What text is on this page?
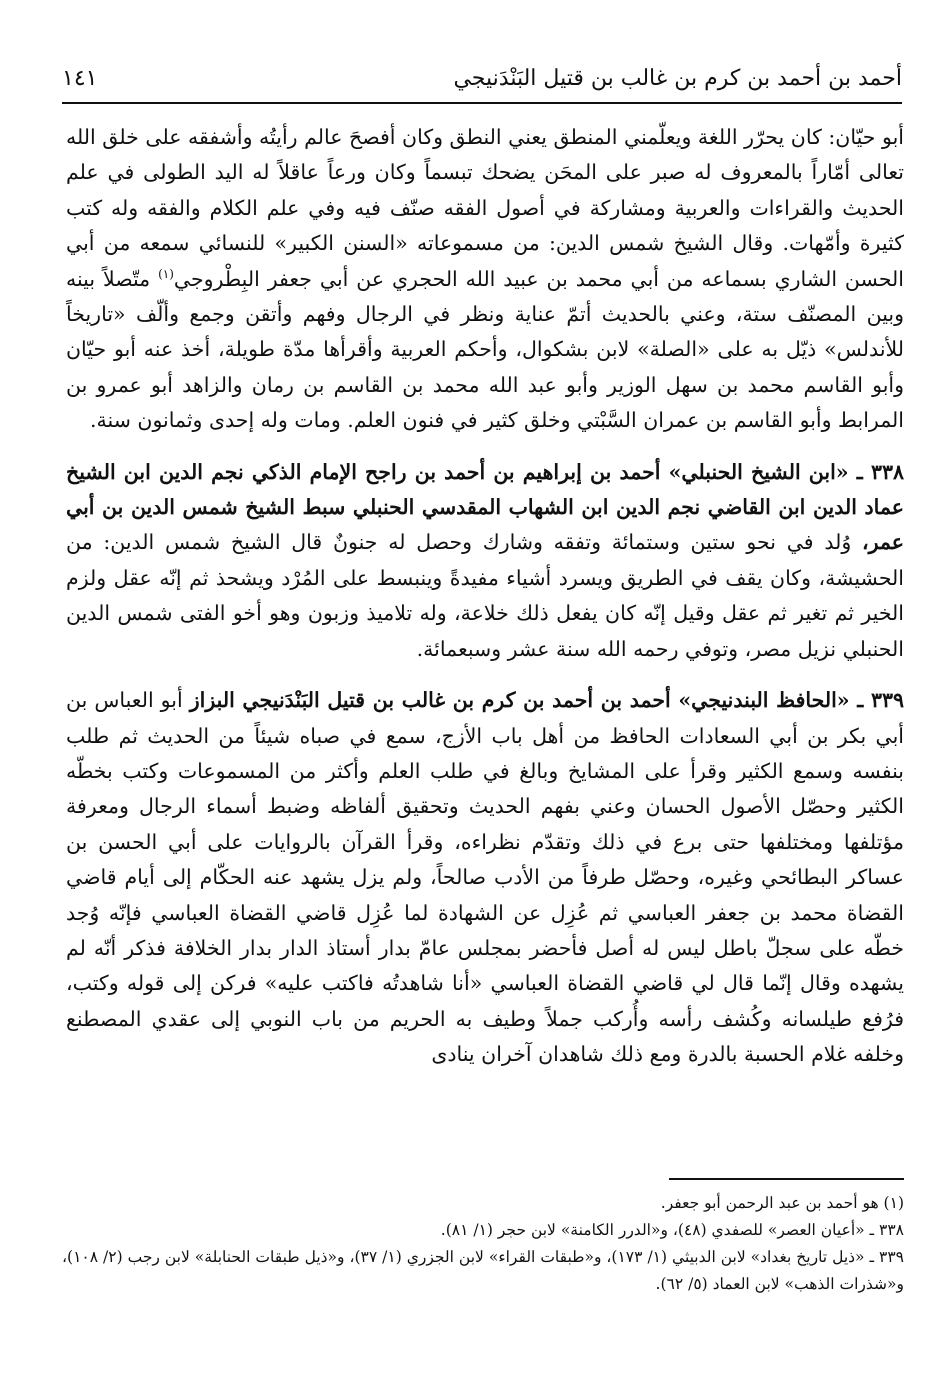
أحمد بن أحمد بن كرم بن غالب بن قتيل البَنْدَنيجي
١٤١

أبو حيّان: كان يحرّر اللغة ويعلّمني المنطق يعني النطق وكان أفصحَ عالم رأيتُه وأشفقه على خلق الله تعالى أمّاراً بالمعروف له صبر على المحَن يضحك تبسماً وكان ورعاً عاقلاً له اليد الطولى في علم الحديث والقراءات والعربية ومشاركة في أصول الفقه صنّف فيه وفي علم الكلام والفقه وله كتب كثيرة وأمّهات. وقال الشيخ شمس الدين: من مسموعاته «السنن الكبير» للنسائي سمعه من أبي الحسن الشاري بسماعه من أبي محمد بن عبيد الله الحجري عن أبي جعفر البِطْروجي$^{(١)}$ متّصلاً بينه وبين المصنّف ستة، وعني بالحديث أتمّ عناية ونظر في الرجال وفهم وأتقن وجمع وألّف «تاريخاً للأندلس» ذيّل به على «الصلة» لابن بشكوال، وأحكم العربية وأقرأها مدّة طويلة، أخذ عنه أبو حيّان وأبو القاسم محمد بن سهل الوزير وأبو عبد الله محمد بن القاسم بن رمان والزاهد أبو عمرو بن المرابط وأبو القاسم بن عمران السَّبْتي وخلق كثير في فنون العلم. ومات وله إحدى وثمانون سنة.

٣٣٨ ـ «ابن الشيخ الحنبلي» أحمد بن إبراهيم بن أحمد بن راجح الإمام الذكي نجم الدين ابن الشيخ عماد الدين ابن القاضي نجم الدين ابن الشهاب المقدسي الحنبلي سبط الشيخ شمس الدين بن أبي عمر، وُلد في نحو ستين وستمائة وتفقه وشارك وحصل له جنونٌ قال الشيخ شمس الدين: من الحشيشة، وكان يقف في الطريق ويسرد أشياء مفيدةً وينبسط على المُرْد ويشحذ ثم إنّه عقل ولزم الخير ثم تغير ثم عقل وقيل إنّه كان يفعل ذلك خلاعة، وله تلاميذ وزبون وهو أخو الفتى شمس الدين الحنبلي نزيل مصر، وتوفي رحمه الله سنة عشر وسبعمائة.

٣٣٩ ـ «الحافظ البندنيجي» أحمد بن أحمد بن كرم بن غالب بن قتيل البَنْدَنيجي البزاز أبو العباس بن أبي بكر بن أبي السعادات الحافظ من أهل باب الأزج، سمع في صباه شيئاً من الحديث ثم طلب بنفسه وسمع الكثير وقرأ على المشايخ وبالغ في طلب العلم وأكثر من المسموعات وكتب بخطّه الكثير وحصّل الأصول الحسان وعني بفهم الحديث وتحقيق ألفاظه وضبط أسماء الرجال ومعرفة مؤتلفها ومختلفها حتى برع في ذلك وتقدّم نظراءه، وقرأ القرآن بالروايات على أبي الحسن بن عساكر البطائحي وغيره، وحصّل طرفاً من الأدب صالحاً، ولم يزل يشهد عنه الحكّام إلى أيام قاضي القضاة محمد بن جعفر العباسي ثم عُزِل عن الشهادة لما عُزِل قاضي القضاة العباسي فإنّه وُجد خطّه على سجلّ باطل ليس له أصل فأحضر بمجلس عامّ بدار أستاذ الدار بدار الخلافة فذكر أنّه لم يشهده وقال إنّما قال لي قاضي القضاة العباسي «أنا شاهدتُه فاكتب عليه» فركن إلى قوله وكتب، فرُفع طيلسانه وكُشف رأسه وأُركب جملاً وطيف به الحريم من باب النوبي إلى عقدي المصطنع وخلفه غلام الحسبة بالدرة ومع ذلك شاهدان آخران ينادى

(١) هو أحمد بن عبد الرحمن أبو جعفر.

٣٣٨ ـ «أعيان العصر» للصفدي (٤٨)، و«الدرر الكامنة» لابن حجر (١/ ٨١).

٣٣٩ ـ «ذيل تاريخ بغداد» لابن الدبيثي (١/ ١٧٣)، و«طبقات القراء» لابن الجزري (١/ ٣٧)، و«ذيل طبقات الحنابلة» لابن رجب (٢/ ١٠٨)، و«شذرات الذهب» لابن العماد (٥/ ٦٢).
